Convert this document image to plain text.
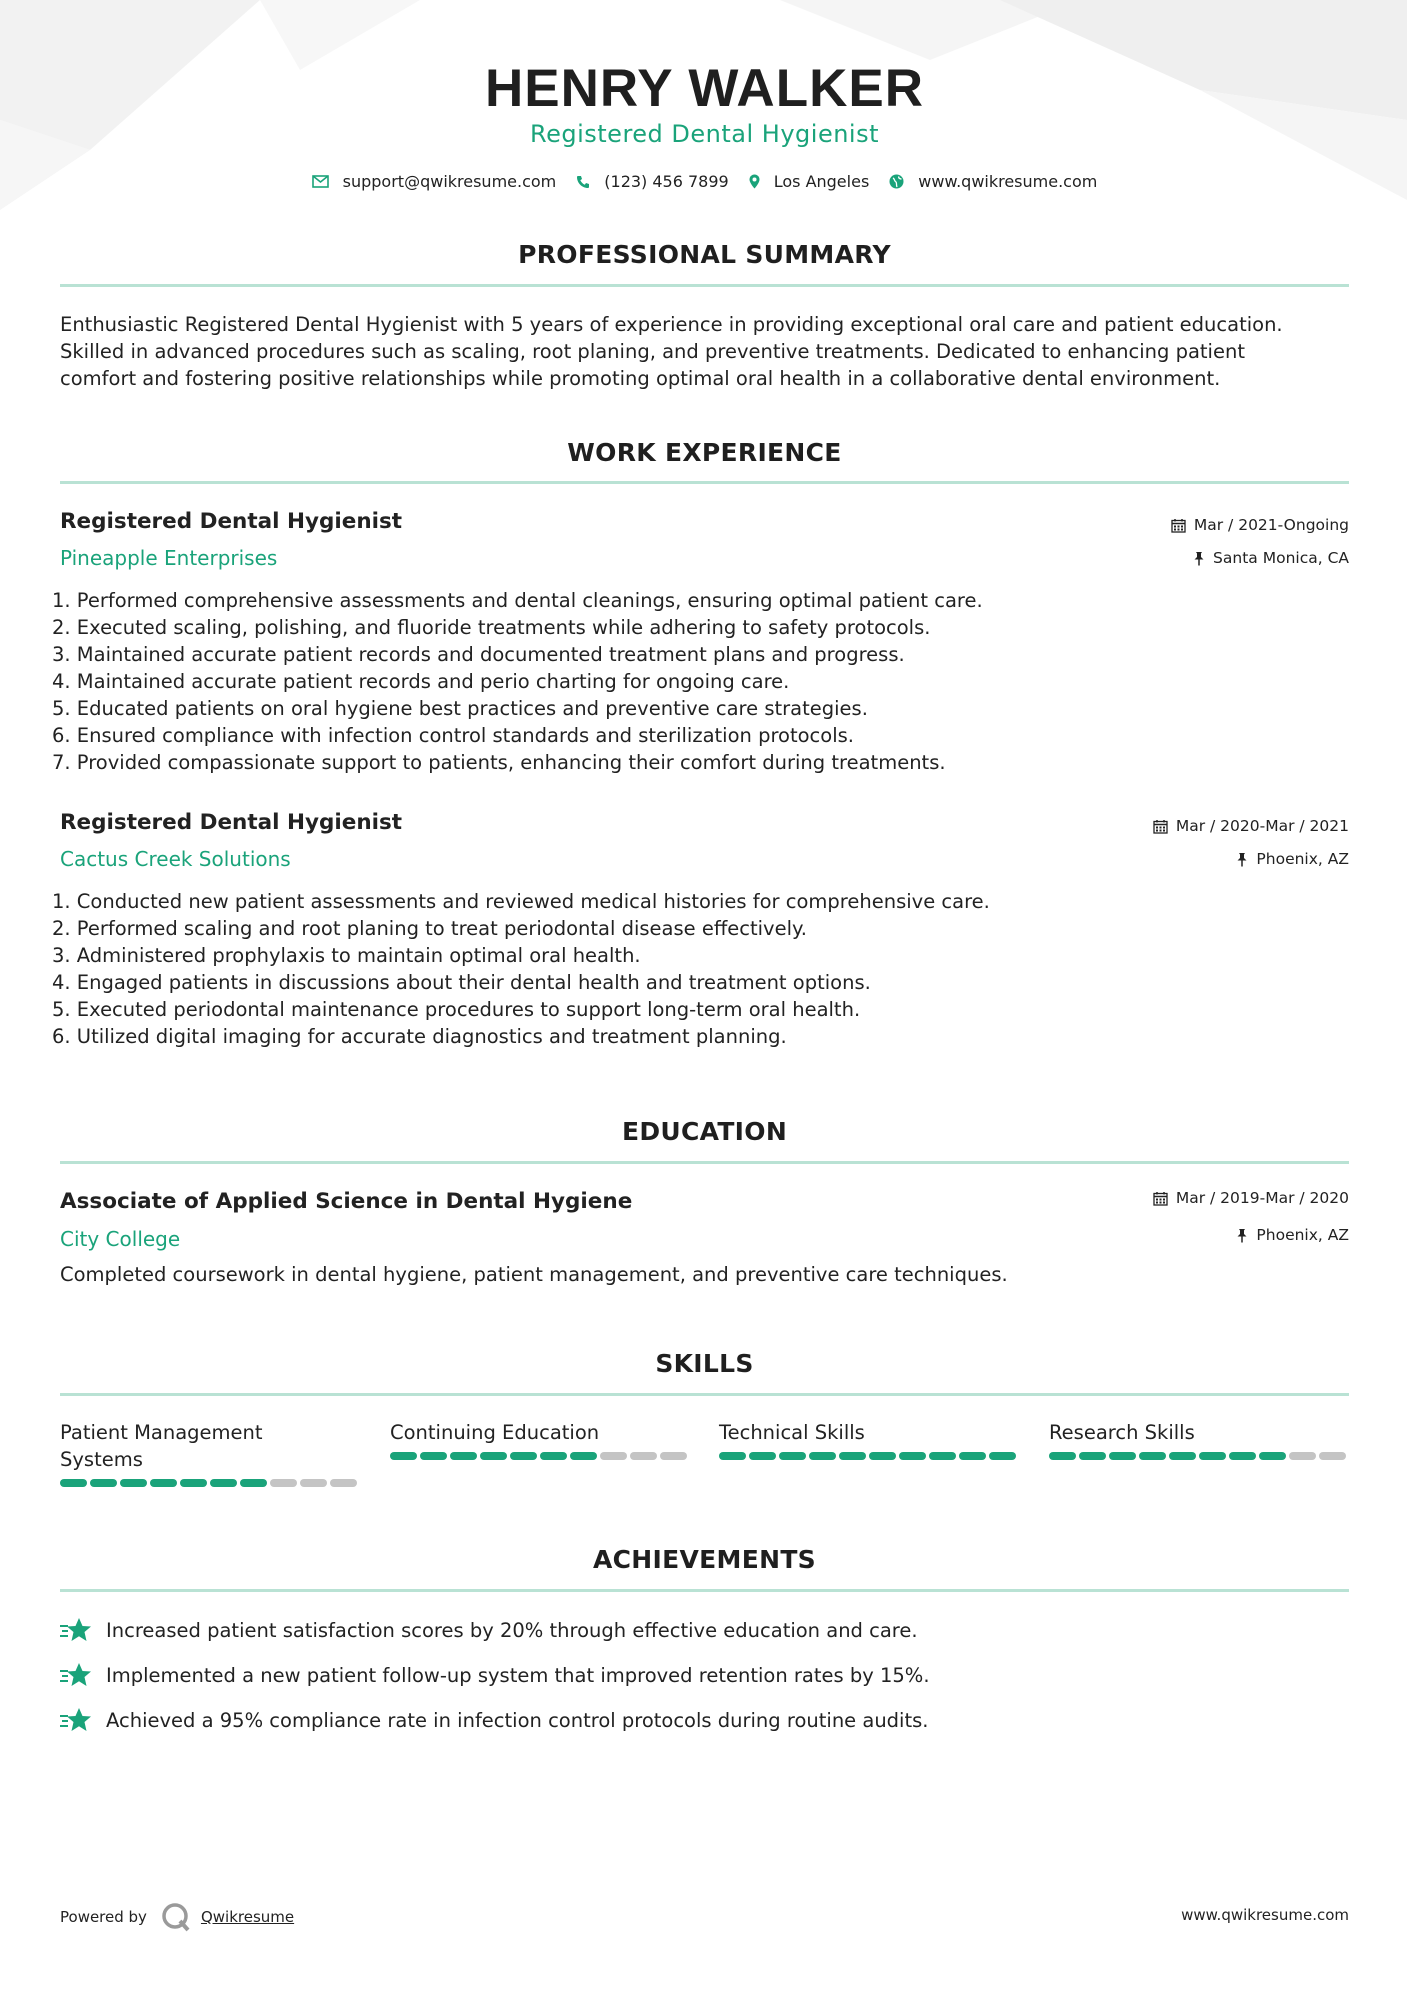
HENRY WALKER
Registered Dental Hygienist
support@qwikresume.com	(123) 456 7899	Los Angeles	www.qwikresume.com
PROFESSIONAL SUMMARY
Enthusiastic Registered Dental Hygienist with 5 years of experience in providing exceptional oral care and patient education.
Skilled in advanced procedures such as scaling, root planing, and preventive treatments. Dedicated to enhancing patient
comfort and fostering positive relationships while promoting optimal oral health in a collaborative dental environment.
WORK EXPERIENCE
Registered Dental Hygienist
Pineapple Enterprises
Mar / 2021-Ongoing
Santa Monica, CA
1. Performed comprehensive assessments and dental cleanings, ensuring optimal patient care.
2. Executed scaling, polishing, and fluoride treatments while adhering to safety protocols.
3. Maintained accurate patient records and documented treatment plans and progress.
4. Maintained accurate patient records and perio charting for ongoing care.
5. Educated patients on oral hygiene best practices and preventive care strategies.
6. Ensured compliance with infection control standards and sterilization protocols.
7. Provided compassionate support to patients, enhancing their comfort during treatments.
Registered Dental Hygienist
Cactus Creek Solutions
Mar / 2020-Mar / 2021
Phoenix, AZ
1. Conducted new patient assessments and reviewed medical histories for comprehensive care.
2. Performed scaling and root planing to treat periodontal disease effectively.
3. Administered prophylaxis to maintain optimal oral health.
4. Engaged patients in discussions about their dental health and treatment options.
5. Executed periodontal maintenance procedures to support long-term oral health.
6. Utilized digital imaging for accurate diagnostics and treatment planning.
EDUCATION
Associate of Applied Science in Dental Hygiene
City College
Mar / 2019-Mar / 2020
Phoenix, AZ
Completed coursework in dental hygiene, patient management, and preventive care techniques.
SKILLS
Patient Management
Systems
Continuing Education	Technical Skills	Research Skills
ACHIEVEMENTS
Increased patient satisfaction scores by 20% through effective education and care.
Implemented a new patient follow-up system that improved retention rates by 15%.
Achieved a 95% compliance rate in infection control protocols during routine audits.
Powered by	Qwikresume	www.qwikresume.com
